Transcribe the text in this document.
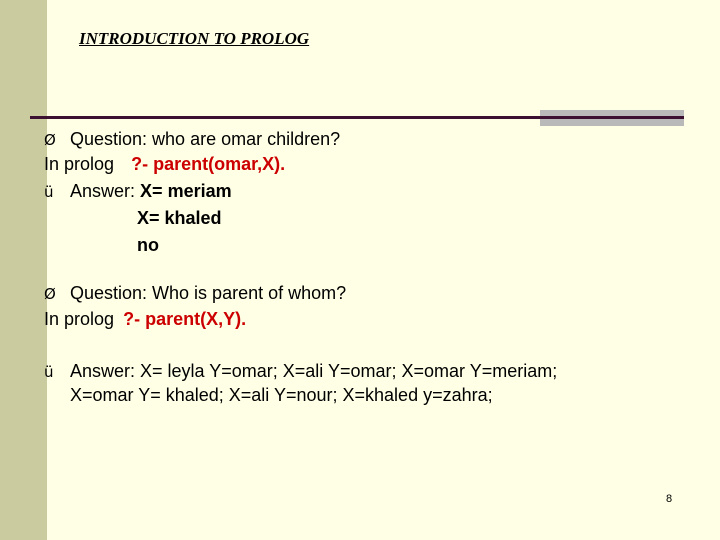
INTRODUCTION TO PROLOG
Ø Question: who are omar children?
In prolog ?- parent(omar,X).
ü Answer: X= meriam
X= khaled
no
Ø Question: Who is parent of whom?
In prolog ?- parent(X,Y).
ü Answer: X= leyla Y=omar; X=ali Y=omar; X=omar Y=meriam;
X=omar Y= khaled; X=ali Y=nour; X=khaled y=zahra;
8
